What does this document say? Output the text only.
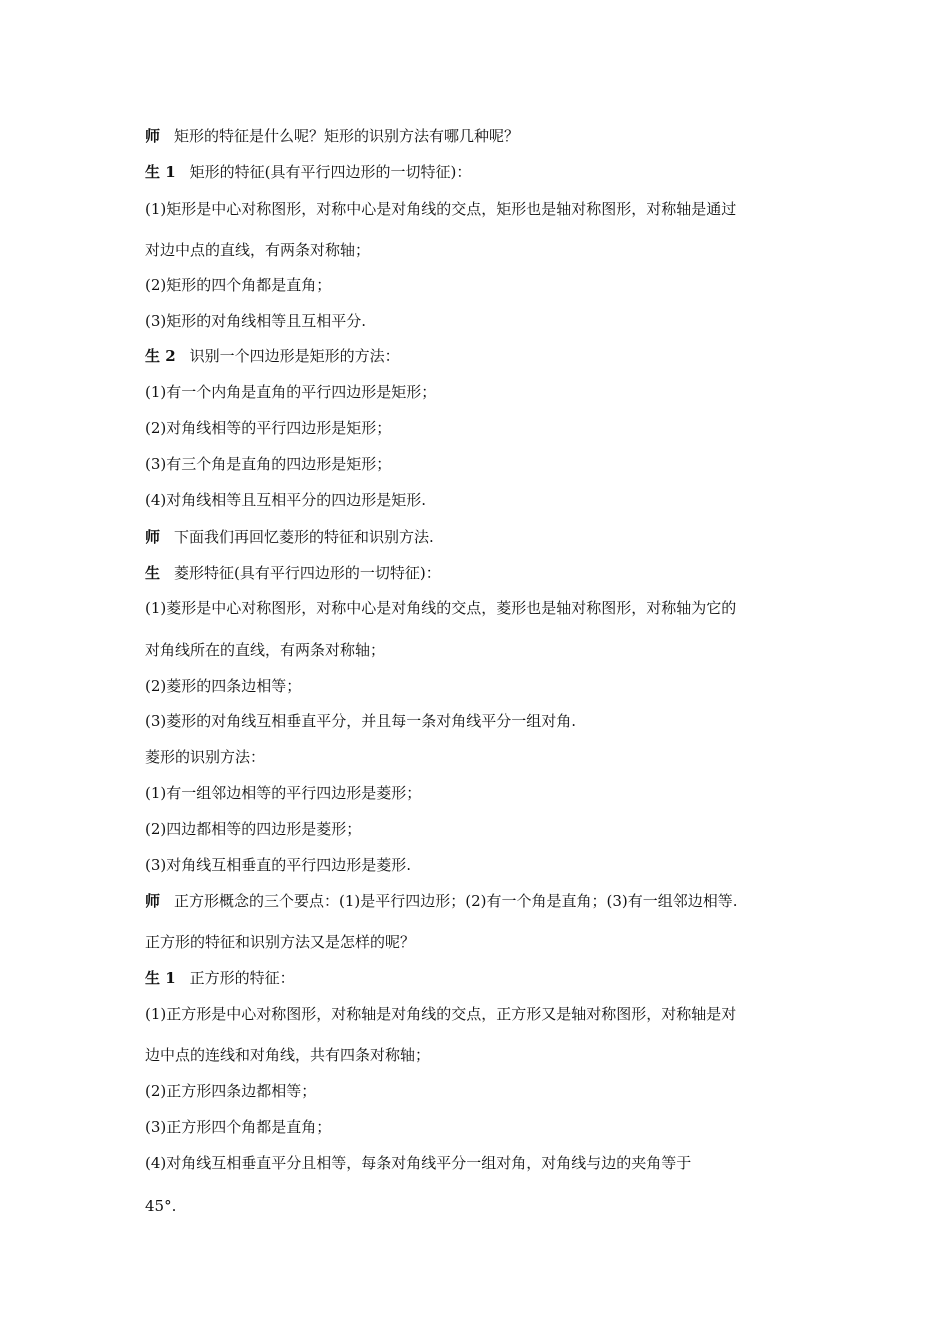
师 矩形的特征是什么呢？矩形的识别方法有哪几种呢？
生 1 矩形的特征(具有平行四边形的一切特征)：
(1)矩形是中心对称图形，对称中心是对角线的交点，矩形也是轴对称图形，对称轴是通过
对边中点的直线，有两条对称轴；
(2)矩形的四个角都是直角；
(3)矩形的对角线相等且互相平分.
生 2 识别一个四边形是矩形的方法：
(1)有一个内角是直角的平行四边形是矩形；
(2)对角线相等的平行四边形是矩形；
(3)有三个角是直角的四边形是矩形；
(4)对角线相等且互相平分的四边形是矩形.
师 下面我们再回忆菱形的特征和识别方法.
生 菱形特征(具有平行四边形的一切特征)：
(1)菱形是中心对称图形，对称中心是对角线的交点，菱形也是轴对称图形，对称轴为它的
对角线所在的直线，有两条对称轴；
(2)菱形的四条边相等；
(3)菱形的对角线互相垂直平分，并且每一条对角线平分一组对角.
菱形的识别方法：
(1)有一组邻边相等的平行四边形是菱形；
(2)四边都相等的四边形是菱形；
(3)对角线互相垂直的平行四边形是菱形.
师 正方形概念的三个要点：(1)是平行四边形；(2)有一个角是直角；(3)有一组邻边相等.
正方形的特征和识别方法又是怎样的呢？
生 1 正方形的特征：
(1)正方形是中心对称图形，对称轴是对角线的交点，正方形又是轴对称图形，对称轴是对
边中点的连线和对角线，共有四条对称轴；
(2)正方形四条边都相等；
(3)正方形四个角都是直角；
(4)对角线互相垂直平分且相等，每条对角线平分一组对角，对角线与边的夹角等于
45°.
